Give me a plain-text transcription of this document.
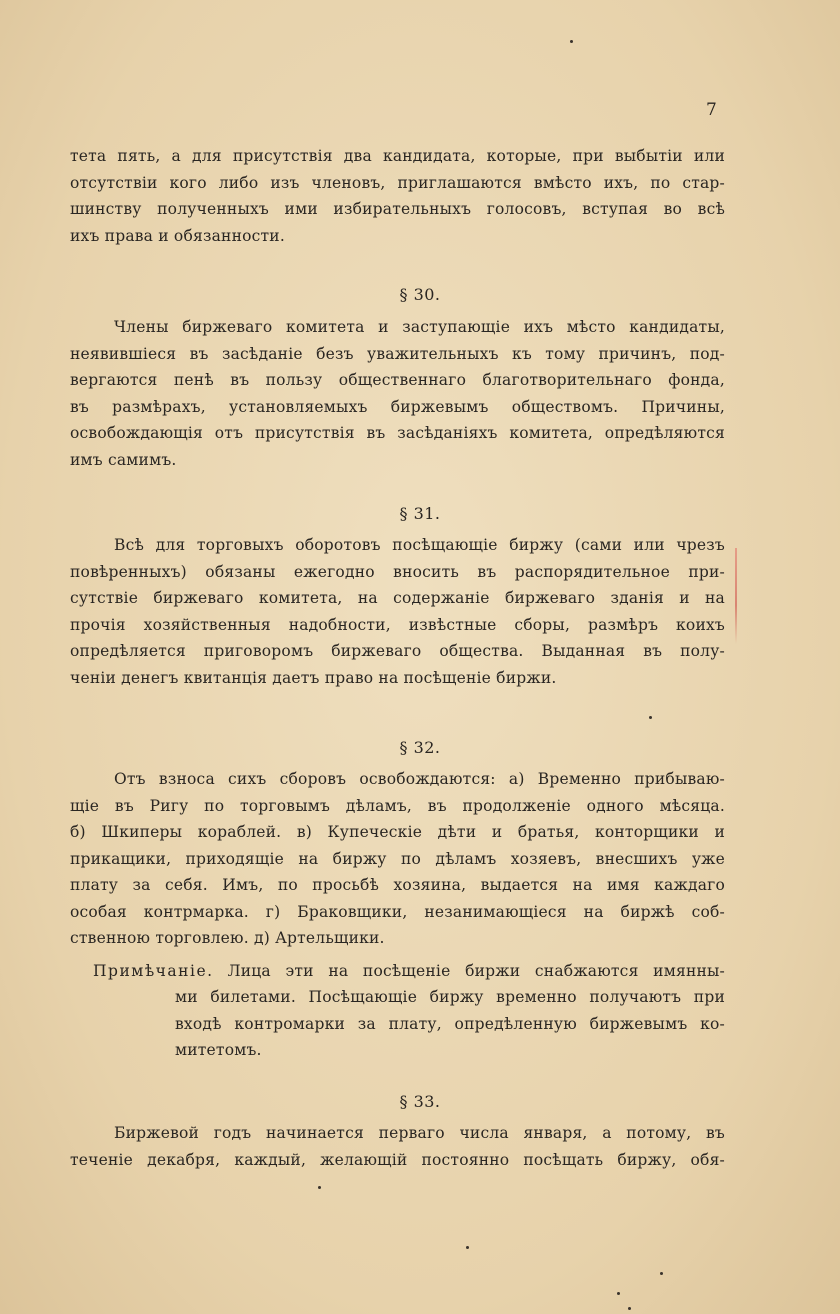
7
тета пять, а для присутствія два кандидата, которые, при выбытіи или
отсутствіи кого либо изъ членовъ, приглашаются вмѣсто ихъ, по стар-
шинству полученныхъ ими избирательныхъ голосовъ, вступая во всѣ
ихъ права и обязанности.
§ 30.
Члены биржеваго комитета и заступающіе ихъ мѣсто кандидаты,
неявившіеся въ засѣданіе безъ уважительныхъ къ тому причинъ, под-
вергаются пенѣ въ пользу общественнаго благотворительнаго фонда,
въ размѣрахъ, установляемыхъ биржевымъ обществомъ. Причины,
освобождающія отъ присутствія въ засѣданіяхъ комитета, опредѣляются
имъ самимъ.
§ 31.
Всѣ для торговыхъ оборотовъ посѣщающіе биржу (сами или чрезъ
повѣренныхъ) обязаны ежегодно вносить въ распорядительное при-
сутствіе биржеваго комитета, на содержаніе биржеваго зданія и на
прочія хозяйственныя надобности, извѣстные сборы, размѣръ коихъ
опредѣляется приговоромъ биржеваго общества. Выданная въ полу-
ченіи денегъ квитанція даетъ право на посѣщеніе биржи.
§ 32.
Отъ взноса сихъ сборовъ освобождаются: а) Временно прибываю-
щіе въ Ригу по торговымъ дѣламъ, въ продолженіе одного мѣсяца.
б) Шкиперы кораблей. в) Купеческіе дѣти и братья, конторщики и
прикащики, приходящіе на биржу по дѣламъ хозяевъ, внесшихъ уже
плату за себя. Имъ, по просьбѣ хозяина, выдается на имя каждаго
особая контрмарка. г) Браковщики, незанимающіеся на биржѣ соб-
ственною торговлею. д) Артельщики.
Примѣчаніе. Лица эти на посѣщеніе биржи снабжаются имянны-
ми билетами. Посѣщающіе биржу временно получаютъ при
входѣ контромарки за плату, опредѣленную биржевымъ ко-
митетомъ.
§ 33.
Биржевой годъ начинается перваго числа января, а потому, въ
теченіе декабря, каждый, желающій постоянно посѣщать биржу, обя-
